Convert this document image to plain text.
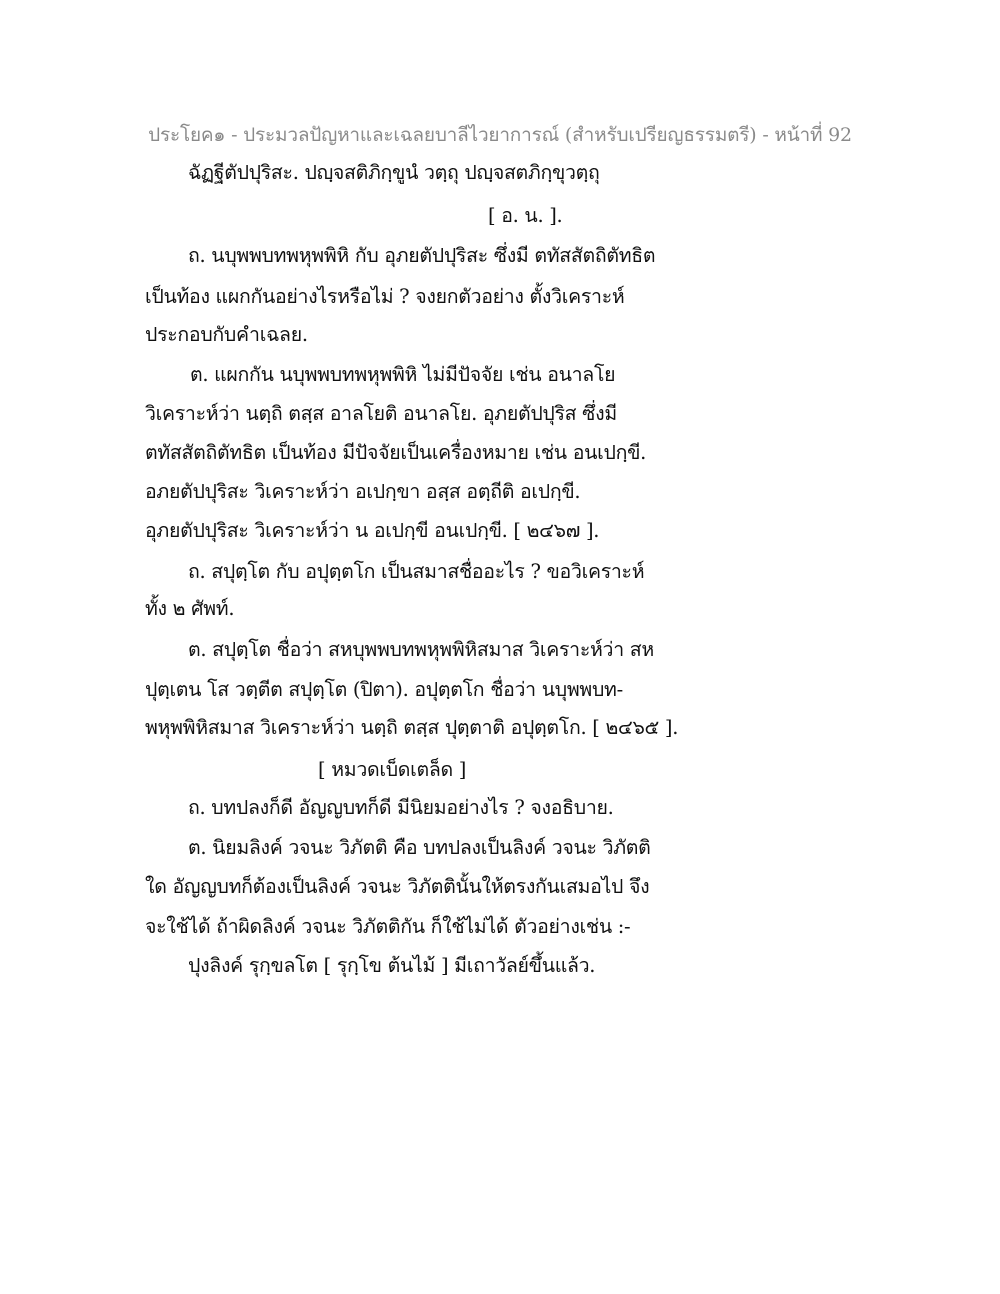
ประโยค๑ - ประมวลปัญหาและเฉลยบาลีไวยาการณ์ (สำหรับเปรียญธรรมตรี) - หน้าที่ 92
ฉัฏฐีตัปปุริสะ. ปญฺจสติภิกฺขูนํ วตฺถุ ปญฺจสตภิกฺขุวตฺถุ
[ อ. น. ].
ถ. นบุพพบทพหุพพิหิ กับ อุภยตัปปุริสะ ซึ่งมี ตทัสสัตถิตัทธิต
เป็นท้อง แผกกันอย่างไรหรือไม่ ? จงยกตัวอย่าง ตั้งวิเคราะห์
ประกอบกับคำเฉลย.
ต. แผกกัน นบุพพบทพหุพพิหิ ไม่มีปัจจัย เช่น อนาลโย
วิเคราะห์ว่า นตฺถิ ตสฺส อาลโยติ อนาลโย. อุภยตัปปุริส ซึ่งมี
ตทัสสัตถิตัทธิต เป็นท้อง มีปัจจัยเป็นเครื่องหมาย เช่น อนเปกฺขี.
อภยตัปปุริสะ วิเคราะห์ว่า อเปกฺขา อสฺส อตฺถีติ อเปกฺขี.
อุภยตัปปุริสะ วิเคราะห์ว่า น อเปกฺขี อนเปกฺขี. [ ๒๔๖๗ ].
ถ. สปุตฺโต กับ อปุตฺตโก เป็นสมาสชื่ออะไร ? ขอวิเคราะห์
ทั้ง ๒ ศัพท์.
ต. สปุตฺโต ชื่อว่า สหบุพพบทพหุพพิหิสมาส วิเคราะห์ว่า สห
ปุตฺเตน โส วตฺตีต สปุตฺโต (ปิตา). อปุตฺตโก ชื่อว่า นบุพพบท-
พหุพพิหิสมาส วิเคราะห์ว่า นตฺถิ ตสฺส ปุตฺตาติ อปุตฺตโก. [ ๒๔๖๕ ].
[ หมวดเบ็ดเตล็ด ]
ถ. บทปลงก็ดี อัญญบทก็ดี มีนิยมอย่างไร ? จงอธิบาย.
ต. นิยมลิงค์ วจนะ วิภัตติ คือ บทปลงเป็นลิงค์ วจนะ วิภัตติ
ใด อัญญบทก็ต้องเป็นลิงค์ วจนะ วิภัตตินั้นให้ตรงกันเสมอไป จึง
จะใช้ได้ ถ้าผิดลิงค์ วจนะ วิภัตติกัน ก็ใช้ไม่ได้ ตัวอย่างเช่น :-
ปุงลิงค์ รุกฺขลโต [ รุกฺโข ต้นไม้ ] มีเถาวัลย์ขึ้นแล้ว.
